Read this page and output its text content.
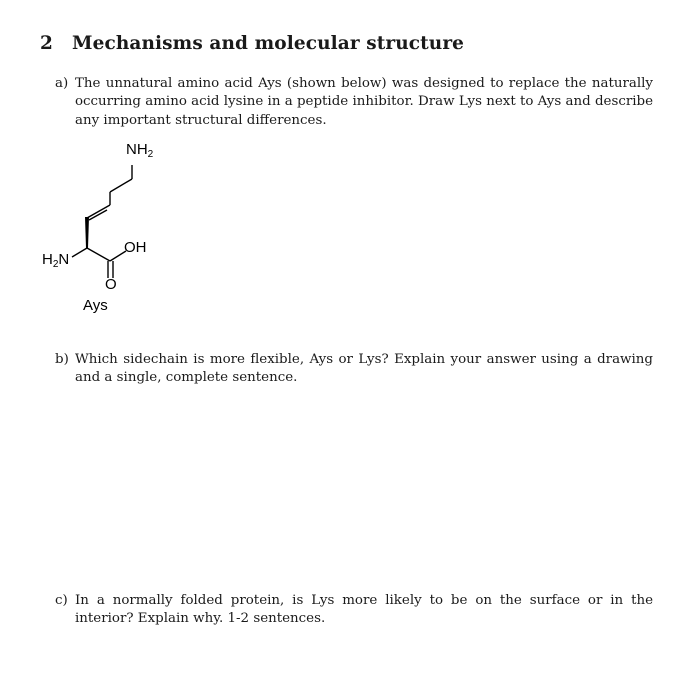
2 Mechanisms and molecular structure
a) The unnatural amino acid Ays (shown below) was designed to replace the naturally occurring amino acid lysine in a peptide inhibitor. Draw Lys next to Ays and describe any important structural differences.
$NH_2$
$H_2N$
OH
O
Ays
b) Which sidechain is more flexible, Ays or Lys? Explain your answer using a drawing and a single, complete sentence.
c) In a normally folded protein, is Lys more likely to be on the surface or in the interior? Explain why. 1-2 sentences.
